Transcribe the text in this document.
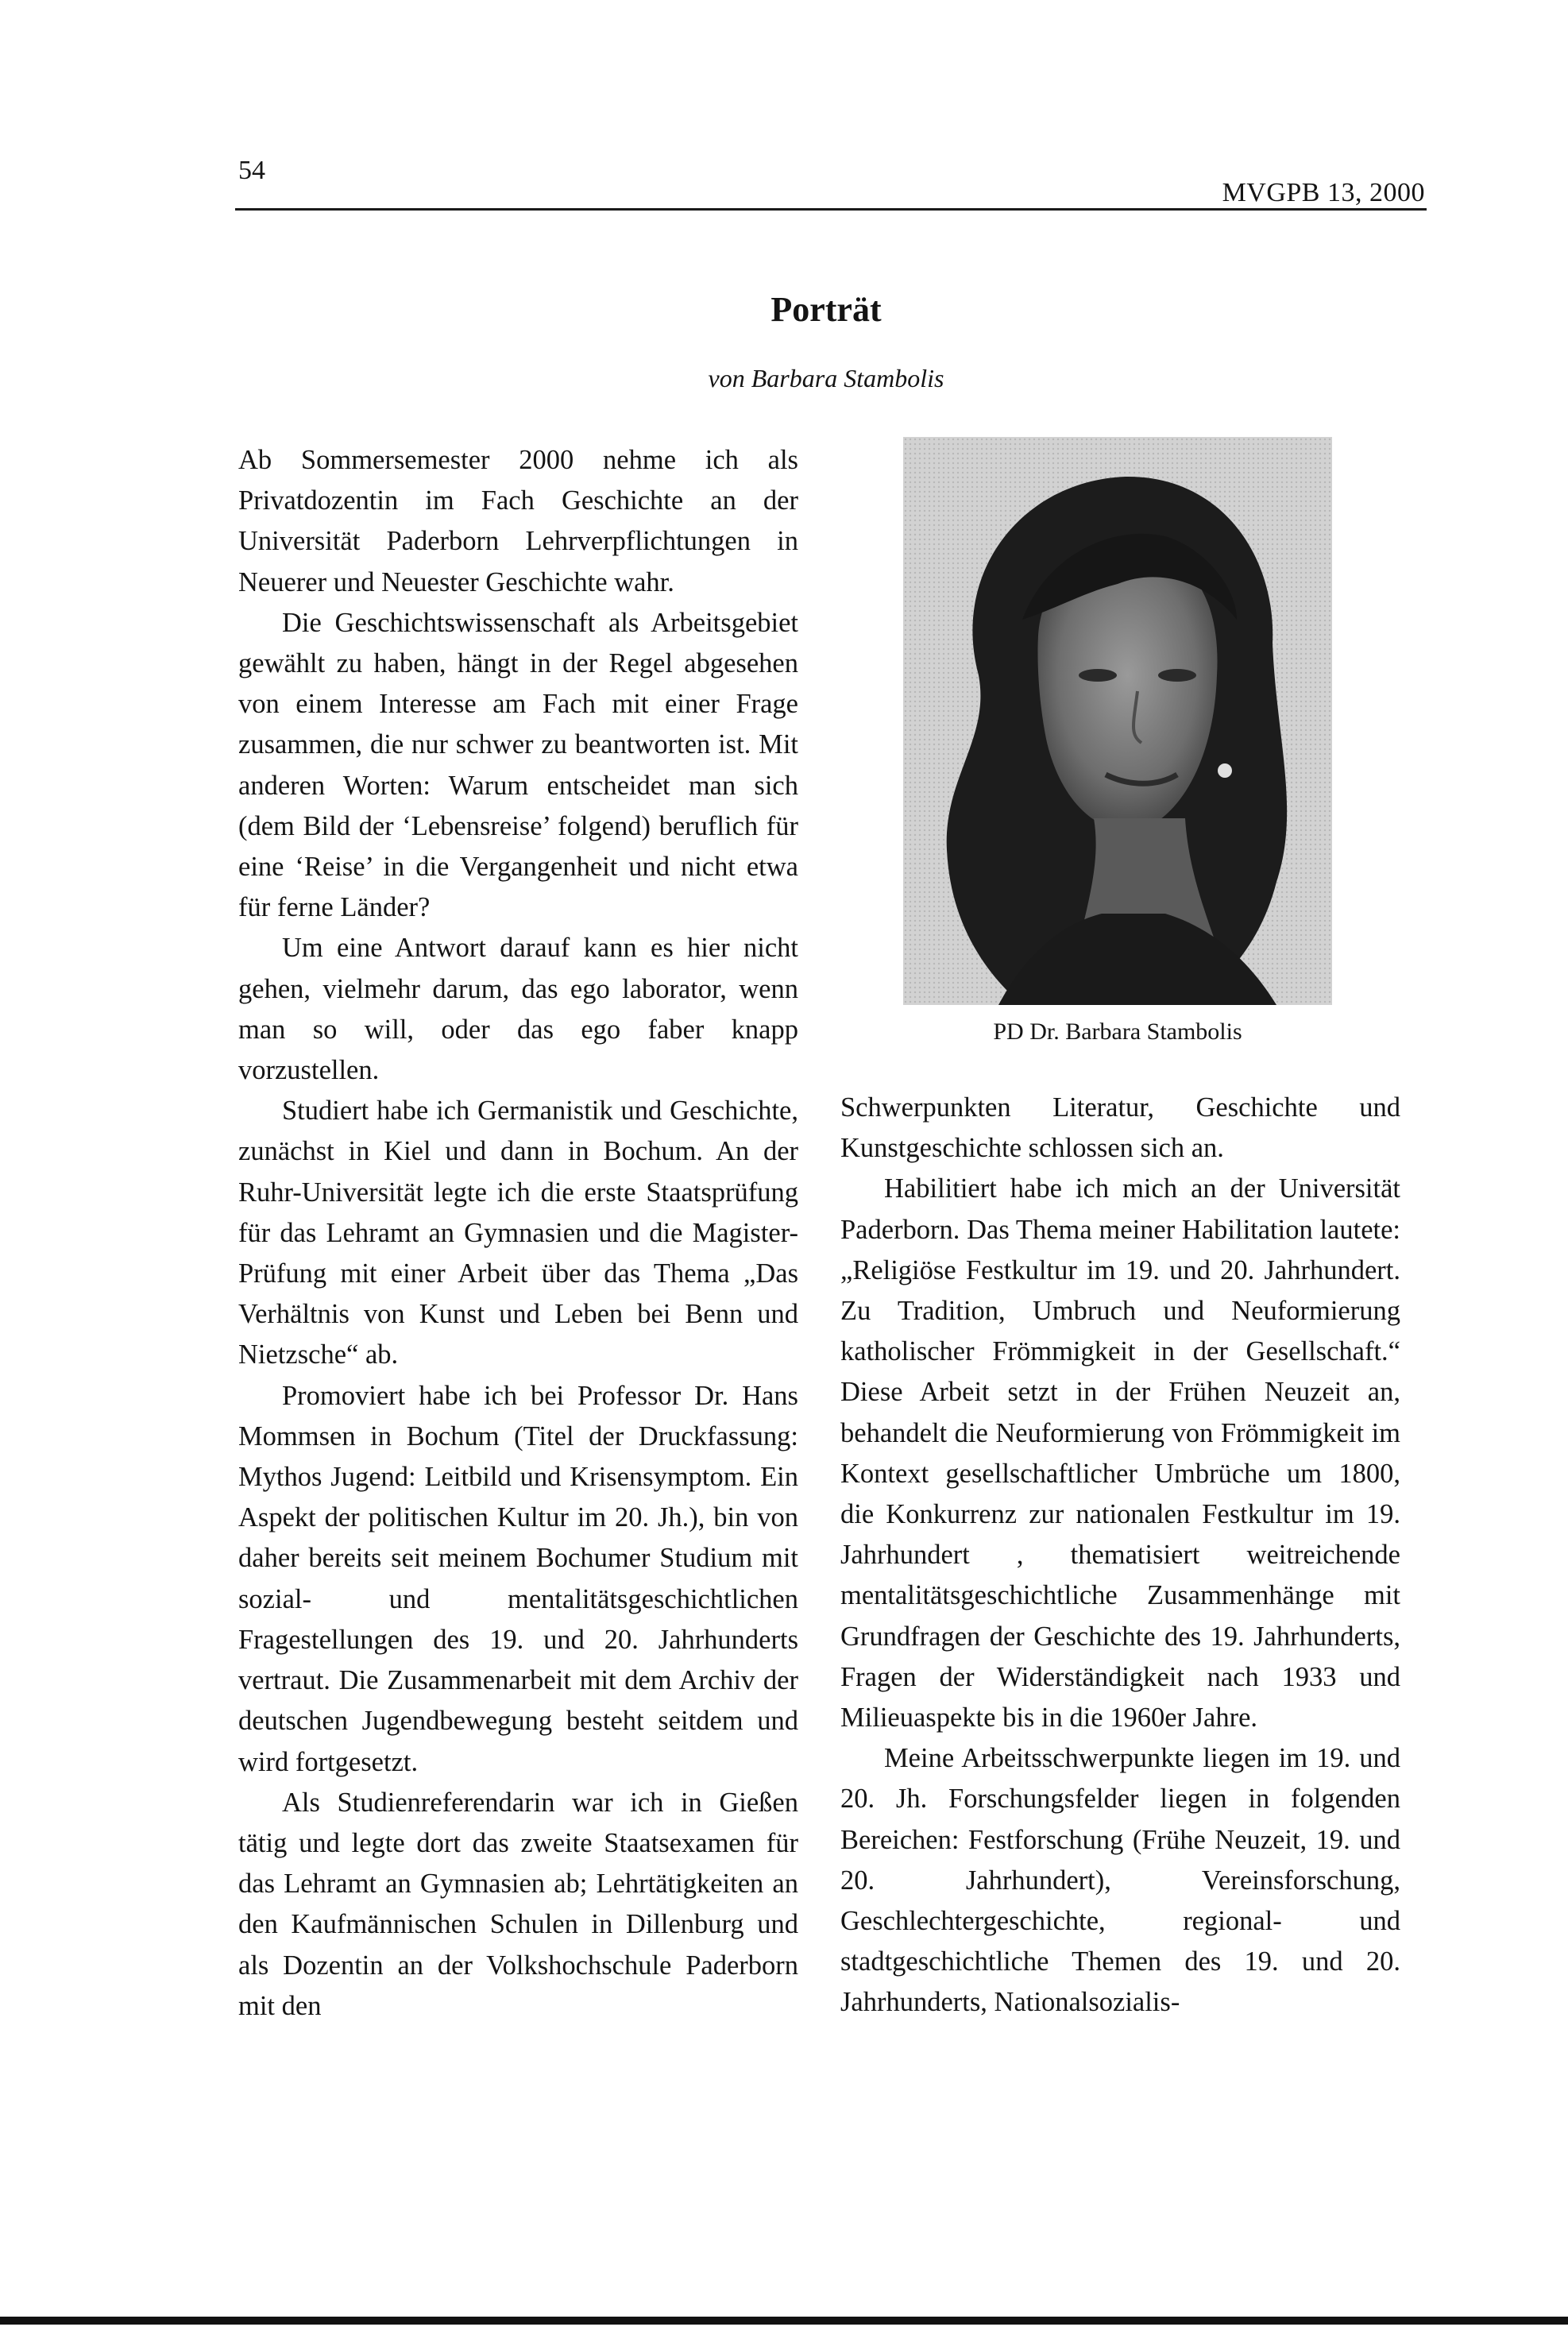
54
MVGPB 13, 2000
Porträt
von Barbara Stambolis

Ab Sommersemester 2000 nehme ich als Privatdozentin im Fach Geschichte an der Universität Paderborn Lehrverpflichtungen in Neuerer und Neuester Geschichte wahr.

Die Geschichtswissenschaft als Arbeitsgebiet gewählt zu haben, hängt in der Regel abgesehen von einem Interesse am Fach mit einer Frage zusammen, die nur schwer zu beantworten ist. Mit anderen Worten: Warum entscheidet man sich (dem Bild der ‘Lebensreise’ folgend) beruflich für eine ‘Reise’ in die Vergangenheit und nicht etwa für ferne Länder?

Um eine Antwort darauf kann es hier nicht gehen, vielmehr darum, das ego laborator, wenn man so will, oder das ego faber knapp vorzustellen.

Studiert habe ich Germanistik und Geschichte, zunächst in Kiel und dann in Bochum. An der Ruhr-Universität legte ich die erste Staatsprüfung für das Lehramt an Gymnasien und die Magister-Prüfung mit einer Arbeit über das Thema „Das Verhältnis von Kunst und Leben bei Benn und Nietzsche“ ab.

Promoviert habe ich bei Professor Dr. Hans Mommsen in Bochum (Titel der Druckfassung: Mythos Jugend: Leitbild und Krisensymptom. Ein Aspekt der politischen Kultur im 20. Jh.), bin von daher bereits seit meinem Bochumer Studium mit sozial- und mentalitätsgeschichtlichen Fragestellungen des 19. und 20. Jahrhunderts vertraut. Die Zusammenarbeit mit dem Archiv der deutschen Jugendbewegung besteht seitdem und wird fortgesetzt.

Als Studienreferendarin war ich in Gießen tätig und legte dort das zweite Staatsexamen für das Lehramt an Gymnasien ab; Lehrtätigkeiten an den Kaufmännischen Schulen in Dillenburg und als Dozentin an der Volkshochschule Paderborn mit den

PD Dr. Barbara Stambolis

Schwerpunkten Literatur, Geschichte und Kunstgeschichte schlossen sich an.

Habilitiert habe ich mich an der Universität Paderborn. Das Thema meiner Habilitation lautete: „Religiöse Festkultur im 19. und 20. Jahrhundert. Zu Tradition, Umbruch und Neuformierung katholischer Frömmigkeit in der Gesellschaft.“ Diese Arbeit setzt in der Frühen Neuzeit an, behandelt die Neuformierung von Frömmigkeit im Kontext gesellschaftlicher Umbrüche um 1800, die Konkurrenz zur nationalen Festkultur im 19. Jahrhundert , thematisiert weitreichende mentalitätsgeschichtliche Zusammenhänge mit Grundfragen der Geschichte des 19. Jahrhunderts, Fragen der Widerständigkeit nach 1933 und Milieuaspekte bis in die 1960er Jahre.

Meine Arbeitsschwerpunkte liegen im 19. und 20. Jh. Forschungsfelder liegen in folgenden Bereichen: Festforschung (Frühe Neuzeit, 19. und 20. Jahrhundert), Vereinsforschung, Geschlechtergeschichte, regional- und stadtgeschichtliche Themen des 19. und 20. Jahrhunderts, Nationalsozialis-
